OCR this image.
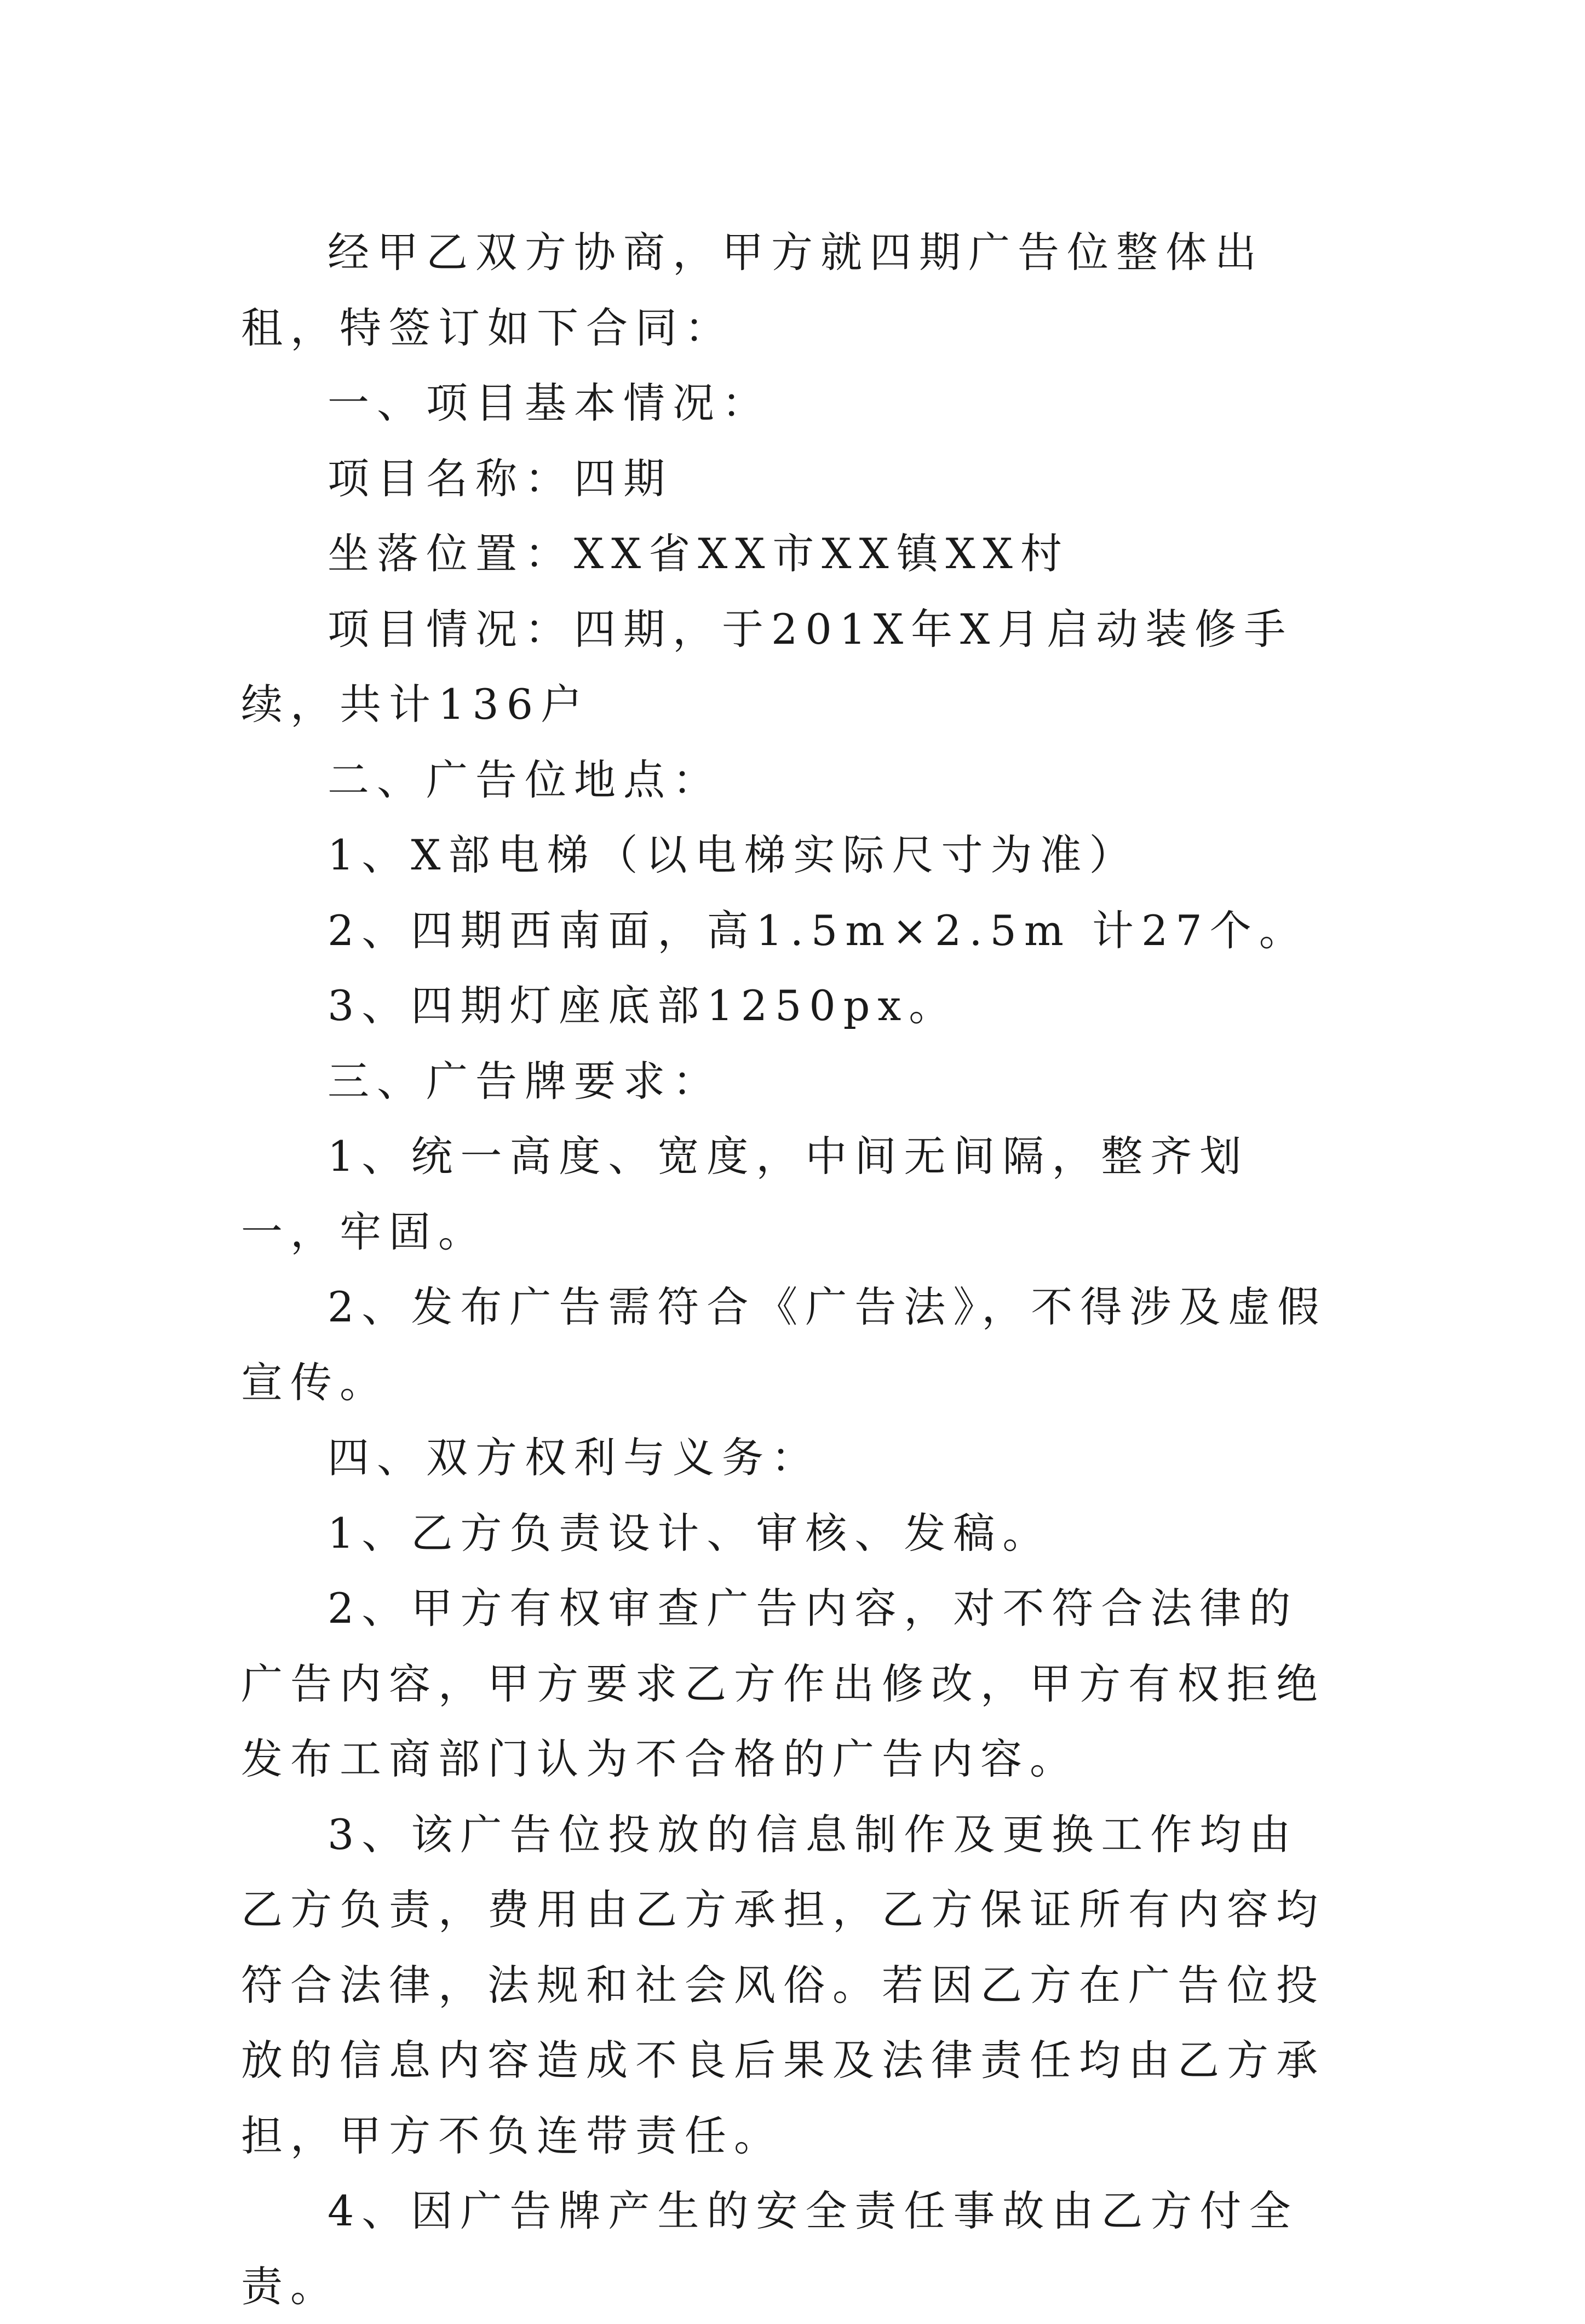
经甲乙双方协商，甲方就四期广告位整体出租，特签订如下合同：

一、项目基本情况：

项目名称：四期

坐落位置：XX省XX市XX镇XX村

项目情况：四期，于201X年X月启动装修手续，共计136户

二、广告位地点：

1、X部电梯（以电梯实际尺寸为准）

2、四期西南面，高1.5m×2.5m 计27个。

3、四期灯座底部1250px。

三、广告牌要求：

1、统一高度、宽度，中间无间隔，整齐划一，牢固。

2、发布广告需符合《广告法》，不得涉及虚假宣传。

四、双方权利与义务：

1、乙方负责设计、审核、发稿。

2、甲方有权审查广告内容，对不符合法律的广告内容，甲方要求乙方作出修改，甲方有权拒绝发布工商部门认为不合格的广告内容。

3、该广告位投放的信息制作及更换工作均由乙方负责，费用由乙方承担，乙方保证所有内容均符合法律，法规和社会风俗。若因乙方在广告位投放的信息内容造成不良后果及法律责任均由乙方承担，甲方不负连带责任。

4、因广告牌产生的安全责任事故由乙方付全责。
